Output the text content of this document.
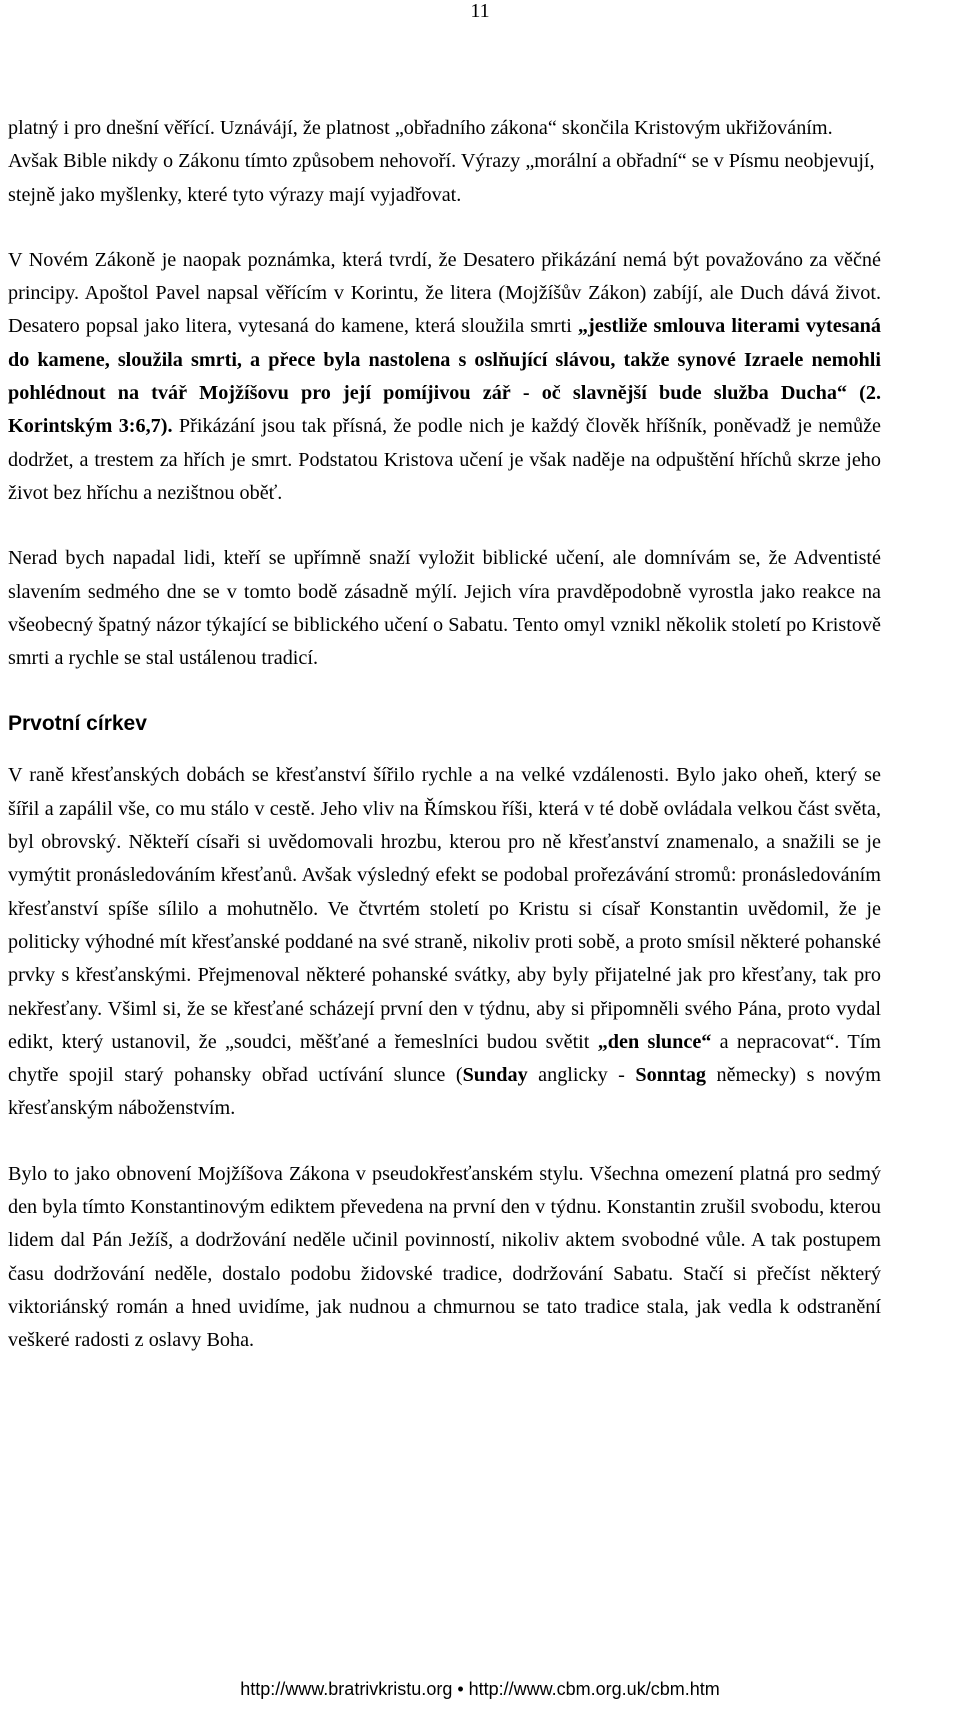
11

platný i pro dnešní věřící. Uznávájí, že platnost „obřadního zákona“ skončila Kristovým ukřižováním. Avšak Bible nikdy o Zákonu tímto způsobem nehovoří. Výrazy „morální a obřadní“ se v Písmu neobjevují, stejně jako myšlenky, které tyto výrazy mají vyjadřovat.

V Novém Zákoně je naopak poznámka, která tvrdí, že Desatero přikázání nemá být považováno za věčné principy. Apoštol Pavel napsal věřícím v Korintu, že litera (Mojžíšův Zákon) zabíjí, ale Duch dává život. Desatero popsal jako litera, vytesaná do kamene, která sloužila smrti „jestliže smlouva literami vytesaná do kamene, sloužila smrti, a přece byla nastolena s oslňující slávou, takže synové Izraele nemohli pohlédnout na tvář Mojžíšovu pro její pomíjivou zář - oč slavnější bude služba Ducha“ (2. Korintským 3:6,7). Přikázání jsou tak přísná, že podle nich je každý člověk hříšník, poněvadž je nemůže dodržet, a trestem za hřích je smrt. Podstatou Kristova učení je však naděje na odpuštění hříchů skrze jeho život bez hříchu a nezištnou oběť.

Nerad bych napadal lidi, kteří se upřímně snaží vyložit biblické učení, ale domnívám se, že Adventisté slavením sedmého dne se v tomto bodě zásadně mýlí. Jejich víra pravděpodobně vyrostla jako reakce na všeobecný špatný názor týkající se biblického učení o Sabatu. Tento omyl vznikl několik století po Kristově smrti a rychle se stal ustálenou tradicí.

Prvotní církev

V raně křesťanských dobách se křesťanství šířilo rychle a na velké vzdálenosti. Bylo jako oheň, který se šířil a zapálil vše, co mu stálo v cestě. Jeho vliv na Římskou říši, která v té době ovládala velkou část světa, byl obrovský. Někteří císaři si uvědomovali hrozbu, kterou pro ně křesťanství znamenalo, a snažili se je vymýtit pronásledováním křesťanů. Avšak výsledný efekt se podobal prořezávání stromů: pronásledováním křesťanství spíše sílilo a mohutnělo. Ve čtvrtém století po Kristu si císař Konstantin uvědomil, že je politicky výhodné mít křesťanské poddané na své straně, nikoliv proti sobě, a proto smísil některé pohanské prvky s křesťanskými. Přejmenoval některé pohanské svátky, aby byly přijatelné jak pro křesťany, tak pro nekřesťany. Všiml si, že se křesťané scházejí první den v týdnu, aby si připomněli svého Pána, proto vydal edikt, který ustanovil, že „soudci, měšťané a řemeslníci budou světit „den slunce“ a nepracovat“. Tím chytře spojil starý pohansky obřad uctívání slunce (Sunday anglicky - Sonntag německy) s novým křesťanským náboženstvím.

Bylo to jako obnovení Mojžíšova Zákona v pseudokřesťanském stylu. Všechna omezení platná pro sedmý den byla tímto Konstantinovým ediktem převedena na první den v týdnu. Konstantin zrušil svobodu, kterou lidem dal Pán Ježíš, a dodržování neděle učinil povinností, nikoliv aktem svobodné vůle. A tak postupem času dodržování neděle, dostalo podobu židovské tradice, dodržování Sabatu. Stačí si přečíst některý viktoriánský román a hned uvidíme, jak nudnou a chmurnou se tato tradice stala, jak vedla k odstranění veškeré radosti z oslavy Boha.

http://www.bratrivkristu.org • http://www.cbm.org.uk/cbm.htm
